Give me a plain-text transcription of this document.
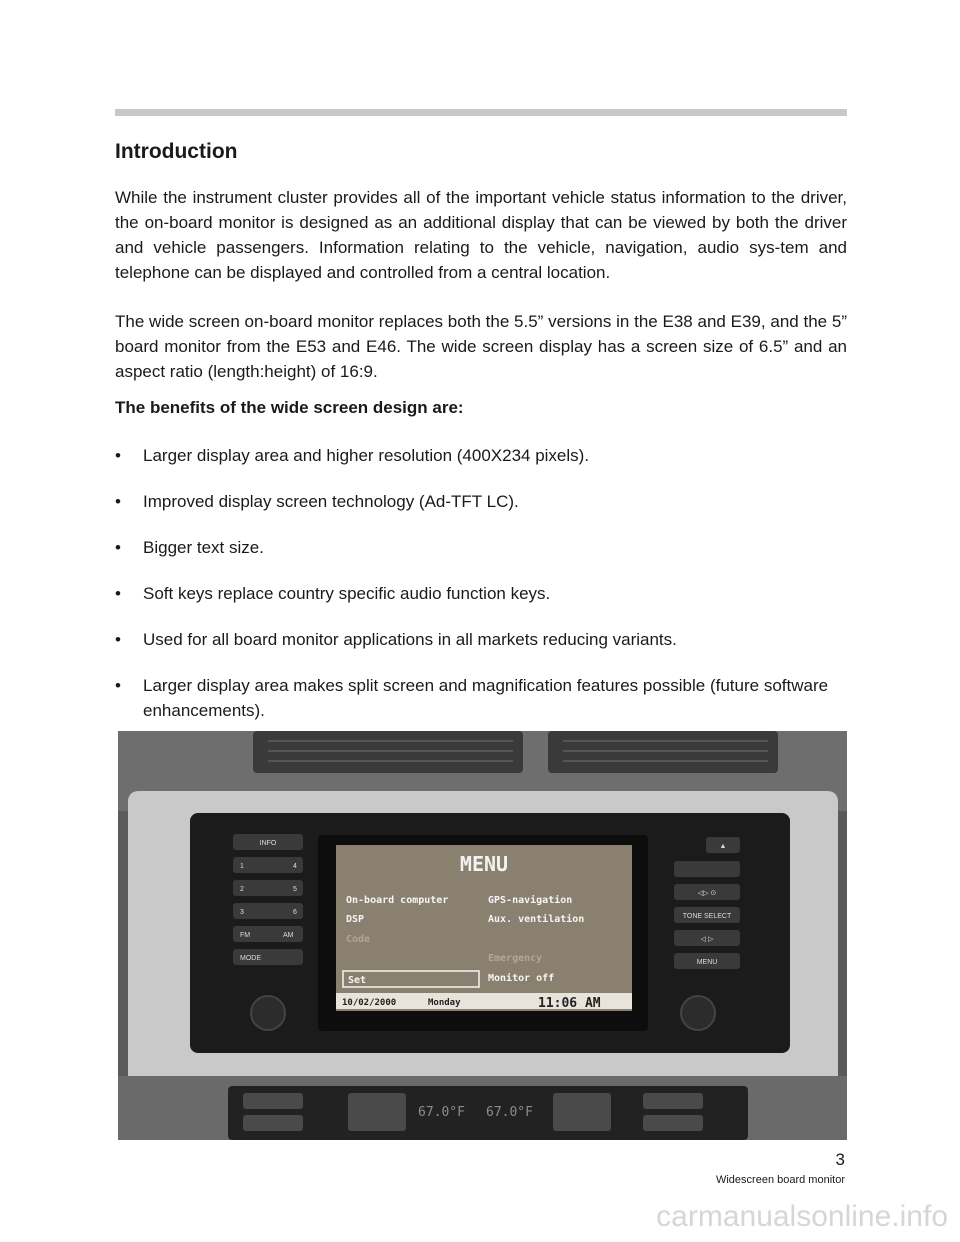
Introduction

While the instrument cluster provides all of the important vehicle status information to the driver, the on-board monitor is designed as an additional display that can be viewed by both the driver and vehicle passengers. Information relating to the vehicle, navigation, audio sys-tem and telephone can be displayed and controlled from a central location.

The wide screen on-board monitor replaces both the 5.5” versions in the E38 and E39, and the 5” board monitor from the E53 and E46. The wide screen display has a screen size of 6.5” and an aspect ratio (length:height) of 16:9.

The benefits of the wide screen design are:

• Larger display area and higher resolution (400X234 pixels).
• Improved display screen technology (Ad-TFT LC).
• Bigger text size.
• Soft keys replace country specific audio function keys.
• Used for all board monitor applications in all markets reducing variants.
• Larger display area makes split screen and magnification features possible (future software enhancements).
MENU
On-board computer
DSP
Code
GPS-navigation
Aux. ventilation
Emergency
Monitor off
Set
10/02/2000	Monday	11:06 AM
INFO
1	4
2	5
3	6
FM	AM
MODE
▲
◁▷ ⊙
TONE SELECT
◁ ▷
MENU
67.0°F 67.0°F
3
Widescreen board monitor
carmanualsonline.info
